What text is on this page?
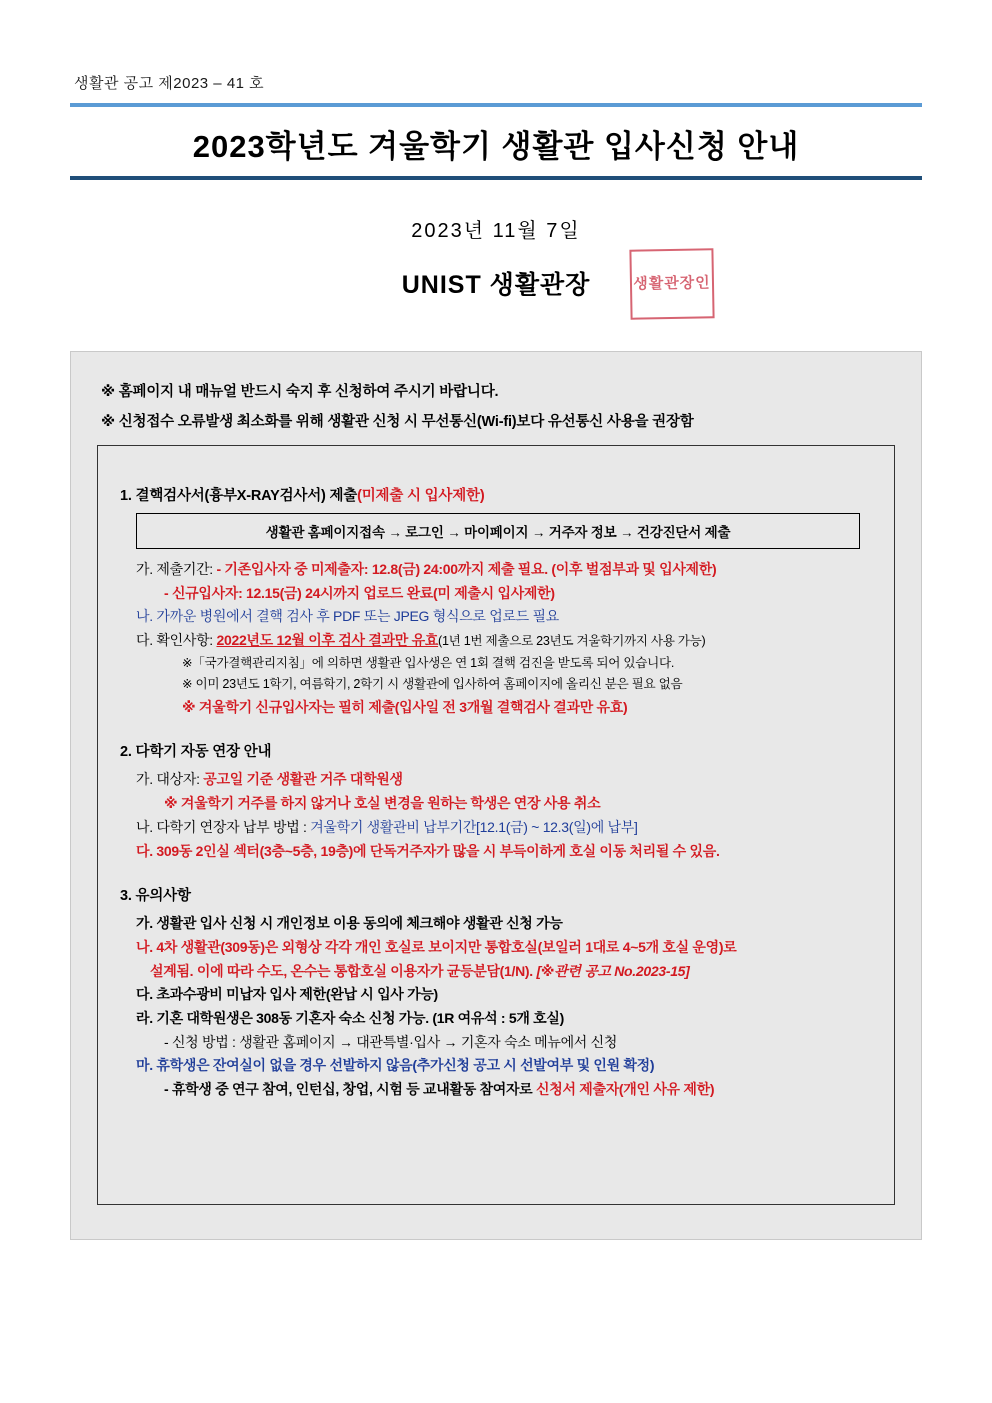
생활관 공고 제2023 – 41 호
2023학년도 겨울학기 생활관 입사신청 안내
2023년 11월 7일
UNIST 생활관장	생활관장인
※ 홈페이지 내 매뉴얼 반드시 숙지 후 신청하여 주시기 바랍니다.
※ 신청접수 오류발생 최소화를 위해 생활관 신청 시 무선통신(Wi-fi)보다 유선통신 사용을 권장함
1. 결핵검사서(흉부X-RAY검사서) 제출(미제출 시 입사제한)
생활관 홈페이지접속 → 로그인 → 마이페이지 → 거주자 정보 → 건강진단서 제출
가. 제출기간: - 기존입사자 중 미제출자: 12.8(금) 24:00까지 제출 필요. (이후 벌점부과 및 입사제한)
- 신규입사자: 12.15(금) 24시까지 업로드 완료(미 제출시 입사제한)
나. 가까운 병원에서 결핵 검사 후 PDF 또는 JPEG 형식으로 업로드 필요
다. 확인사항: 2022년도 12월 이후 검사 결과만 유효(1년 1번 제출으로 23년도 겨울학기까지 사용 가능)
※「국가결핵관리지침」에 의하면 생활관 입사생은 연 1회 결핵 검진을 받도록 되어 있습니다.
※ 이미 23년도 1학기, 여름학기, 2학기 시 생활관에 입사하여 홈페이지에 올리신 분은 필요 없음
※ 겨울학기 신규입사자는 필히 제출(입사일 전 3개월 결핵검사 결과만 유효)
2. 다학기 자동 연장 안내
가. 대상자: 공고일 기준 생활관 거주 대학원생
※ 겨울학기 거주를 하지 않거나 호실 변경을 원하는 학생은 연장 사용 취소
나. 다학기 연장자 납부 방법 : 겨울학기 생활관비 납부기간[12.1(금) ~ 12.3(일)에 납부]
다. 309동 2인실 섹터(3층~5층, 19층)에 단독거주자가 많을 시 부득이하게 호실 이동 처리될 수 있음.
3. 유의사항
가. 생활관 입사 신청 시 개인정보 이용 동의에 체크해야 생활관 신청 가능
나. 4차 생활관(309동)은 외형상 각각 개인 호실로 보이지만 통합호실(보일러 1대로 4~5개 호실 운영)로
설계됨. 이에 따라 수도, 온수는 통합호실 이용자가 균등분담(1/N). [※관련 공고 No.2023-15]
다. 초과수광비 미납자 입사 제한(완납 시 입사 가능)
라. 기혼 대학원생은 308동 기혼자 숙소 신청 가능. (1R 여유석 : 5개 호실)
- 신청 방법 : 생활관 홈페이지 → 대관특별·입사 → 기혼자 숙소 메뉴에서 신청
마. 휴학생은 잔여실이 없을 경우 선발하지 않음(추가신청 공고 시 선발여부 및 인원 확정)
- 휴학생 중 연구 참여, 인턴십, 창업, 시험 등 교내활동 참여자로 신청서 제출자(개인 사유 제한)
